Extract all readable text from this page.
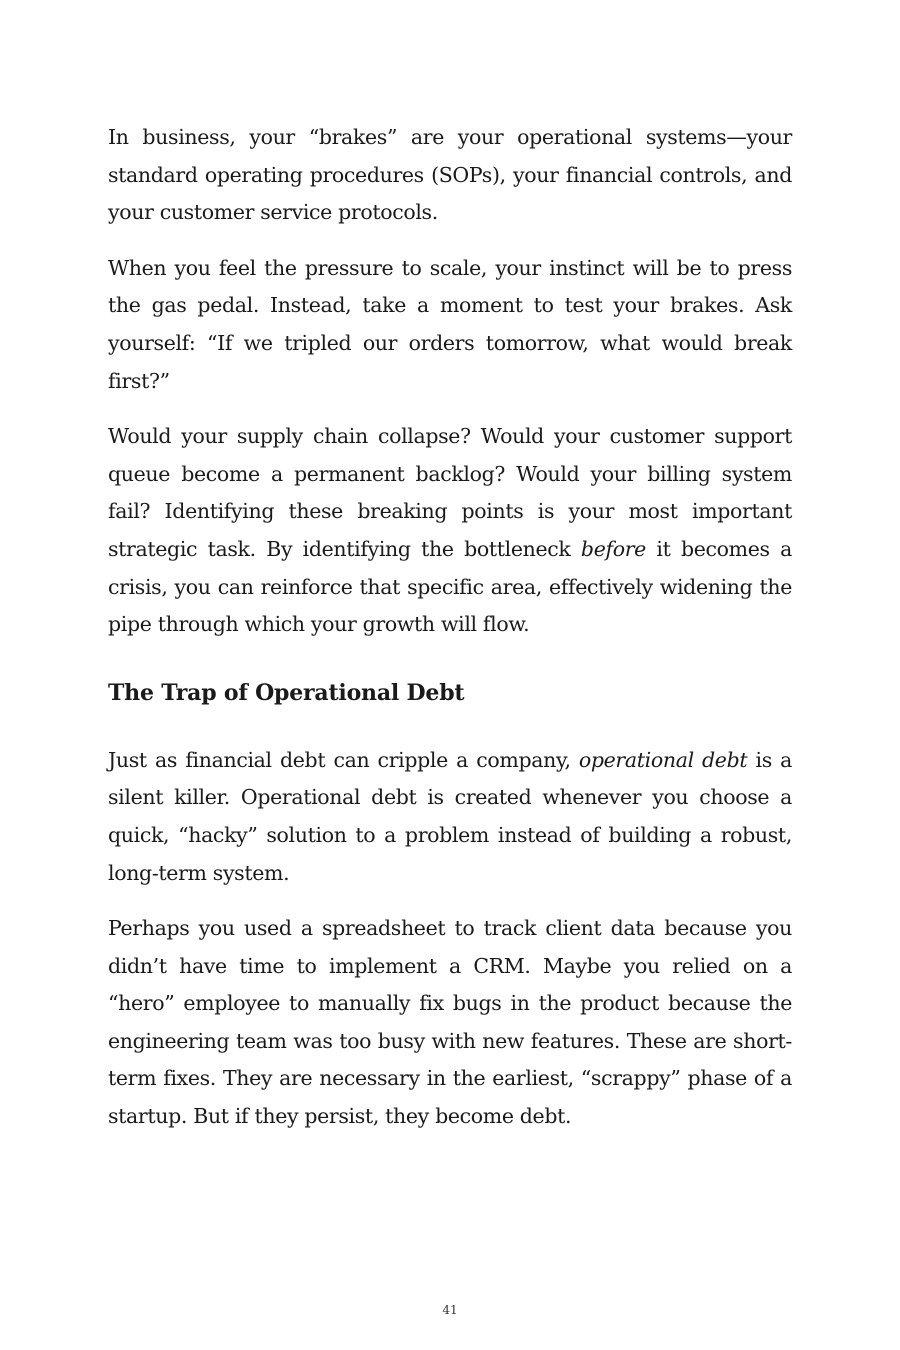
In business, your “brakes” are your operational systems—your standard operating procedures (SOPs), your financial controls, and your customer service protocols.

When you feel the pressure to scale, your instinct will be to press the gas pedal. Instead, take a moment to test your brakes. Ask yourself: “If we tripled our orders tomorrow, what would break first?”

Would your supply chain collapse? Would your customer support queue become a permanent backlog? Would your billing system fail? Identifying these breaking points is your most important strategic task. By identifying the bottleneck before it becomes a crisis, you can reinforce that specific area, effectively widening the pipe through which your growth will flow.

The Trap of Operational Debt

Just as financial debt can cripple a company, operational debt is a silent killer. Operational debt is created whenever you choose a quick, “hacky” solution to a problem instead of building a robust, long-term system.

Perhaps you used a spreadsheet to track client data because you didn’t have time to implement a CRM. Maybe you relied on a “hero” employee to manually fix bugs in the product because the engineering team was too busy with new features. These are short-term fixes. They are necessary in the earliest, “scrappy” phase of a startup. But if they persist, they become debt.

41
